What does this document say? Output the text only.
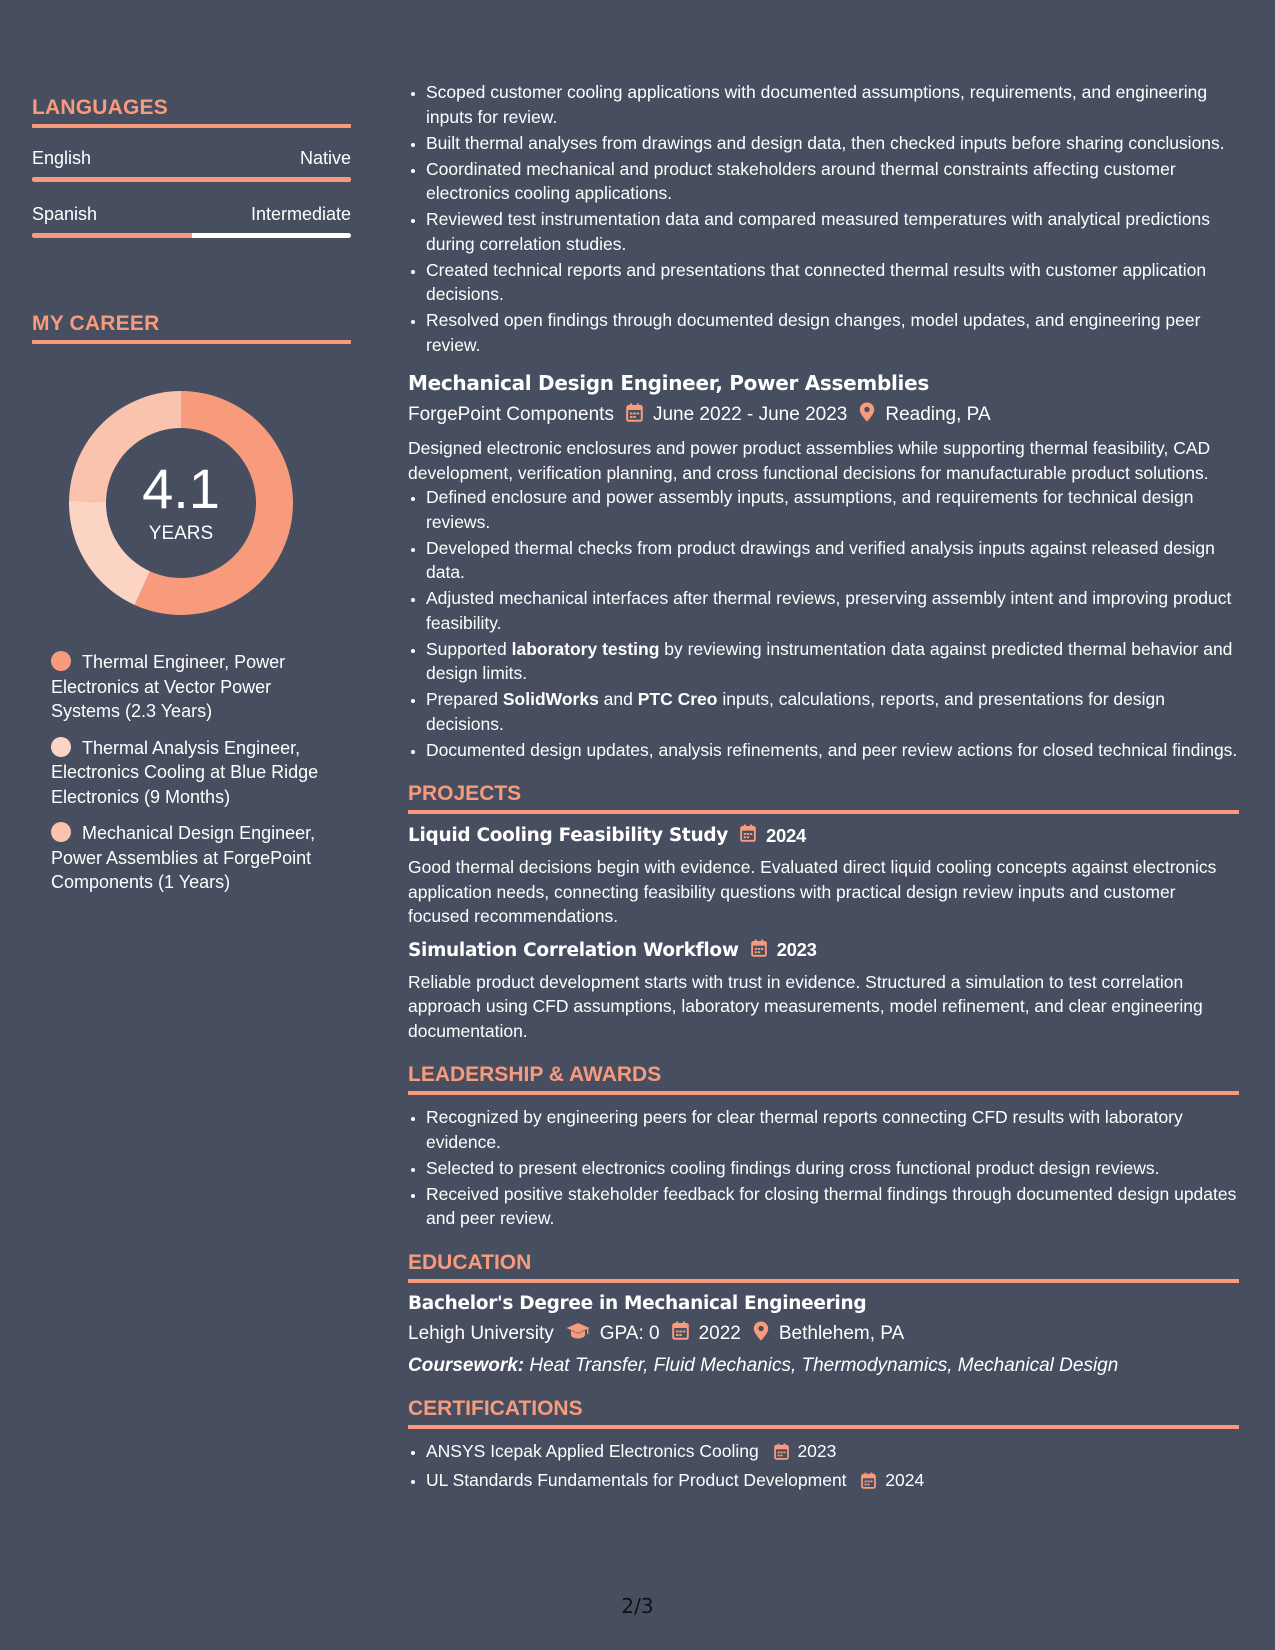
LANGUAGES
English	Native
Spanish	Intermediate
MY CAREER
4.1
YEARS
Thermal Engineer, Power Electronics at Vector Power Systems (2.3 Years)
Thermal Analysis Engineer, Electronics Cooling at Blue Ridge Electronics (9 Months)
Mechanical Design Engineer, Power Assemblies at ForgePoint Components (1 Years)
• Scoped customer cooling applications with documented assumptions, requirements, and engineering inputs for review.
• Built thermal analyses from drawings and design data, then checked inputs before sharing conclusions.
• Coordinated mechanical and product stakeholders around thermal constraints affecting customer electronics cooling applications.
• Reviewed test instrumentation data and compared measured temperatures with analytical predictions during correlation studies.
• Created technical reports and presentations that connected thermal results with customer application decisions.
• Resolved open findings through documented design changes, model updates, and engineering peer review.
Mechanical Design Engineer, Power Assemblies
ForgePoint Components June 2022 - June 2023 Reading, PA
Designed electronic enclosures and power product assemblies while supporting thermal feasibility, CAD development, verification planning, and cross functional decisions for manufacturable product solutions.
• Defined enclosure and power assembly inputs, assumptions, and requirements for technical design reviews.
• Developed thermal checks from product drawings and verified analysis inputs against released design data.
• Adjusted mechanical interfaces after thermal reviews, preserving assembly intent and improving product feasibility.
• Supported laboratory testing by reviewing instrumentation data against predicted thermal behavior and design limits.
• Prepared SolidWorks and PTC Creo inputs, calculations, reports, and presentations for design decisions.
• Documented design updates, analysis refinements, and peer review actions for closed technical findings.
PROJECTS
Liquid Cooling Feasibility Study 2024
Good thermal decisions begin with evidence. Evaluated direct liquid cooling concepts against electronics application needs, connecting feasibility questions with practical design review inputs and customer focused recommendations.
Simulation Correlation Workflow 2023
Reliable product development starts with trust in evidence. Structured a simulation to test correlation approach using CFD assumptions, laboratory measurements, model refinement, and clear engineering documentation.
LEADERSHIP & AWARDS
• Recognized by engineering peers for clear thermal reports connecting CFD results with laboratory evidence.
• Selected to present electronics cooling findings during cross functional product design reviews.
• Received positive stakeholder feedback for closing thermal findings through documented design updates and peer review.
EDUCATION
Bachelor's Degree in Mechanical Engineering
Lehigh University GPA: 0 2022 Bethlehem, PA
Coursework: Heat Transfer, Fluid Mechanics, Thermodynamics, Mechanical Design
CERTIFICATIONS
• ANSYS Icepak Applied Electronics Cooling 2023
• UL Standards Fundamentals for Product Development 2024
2/3
